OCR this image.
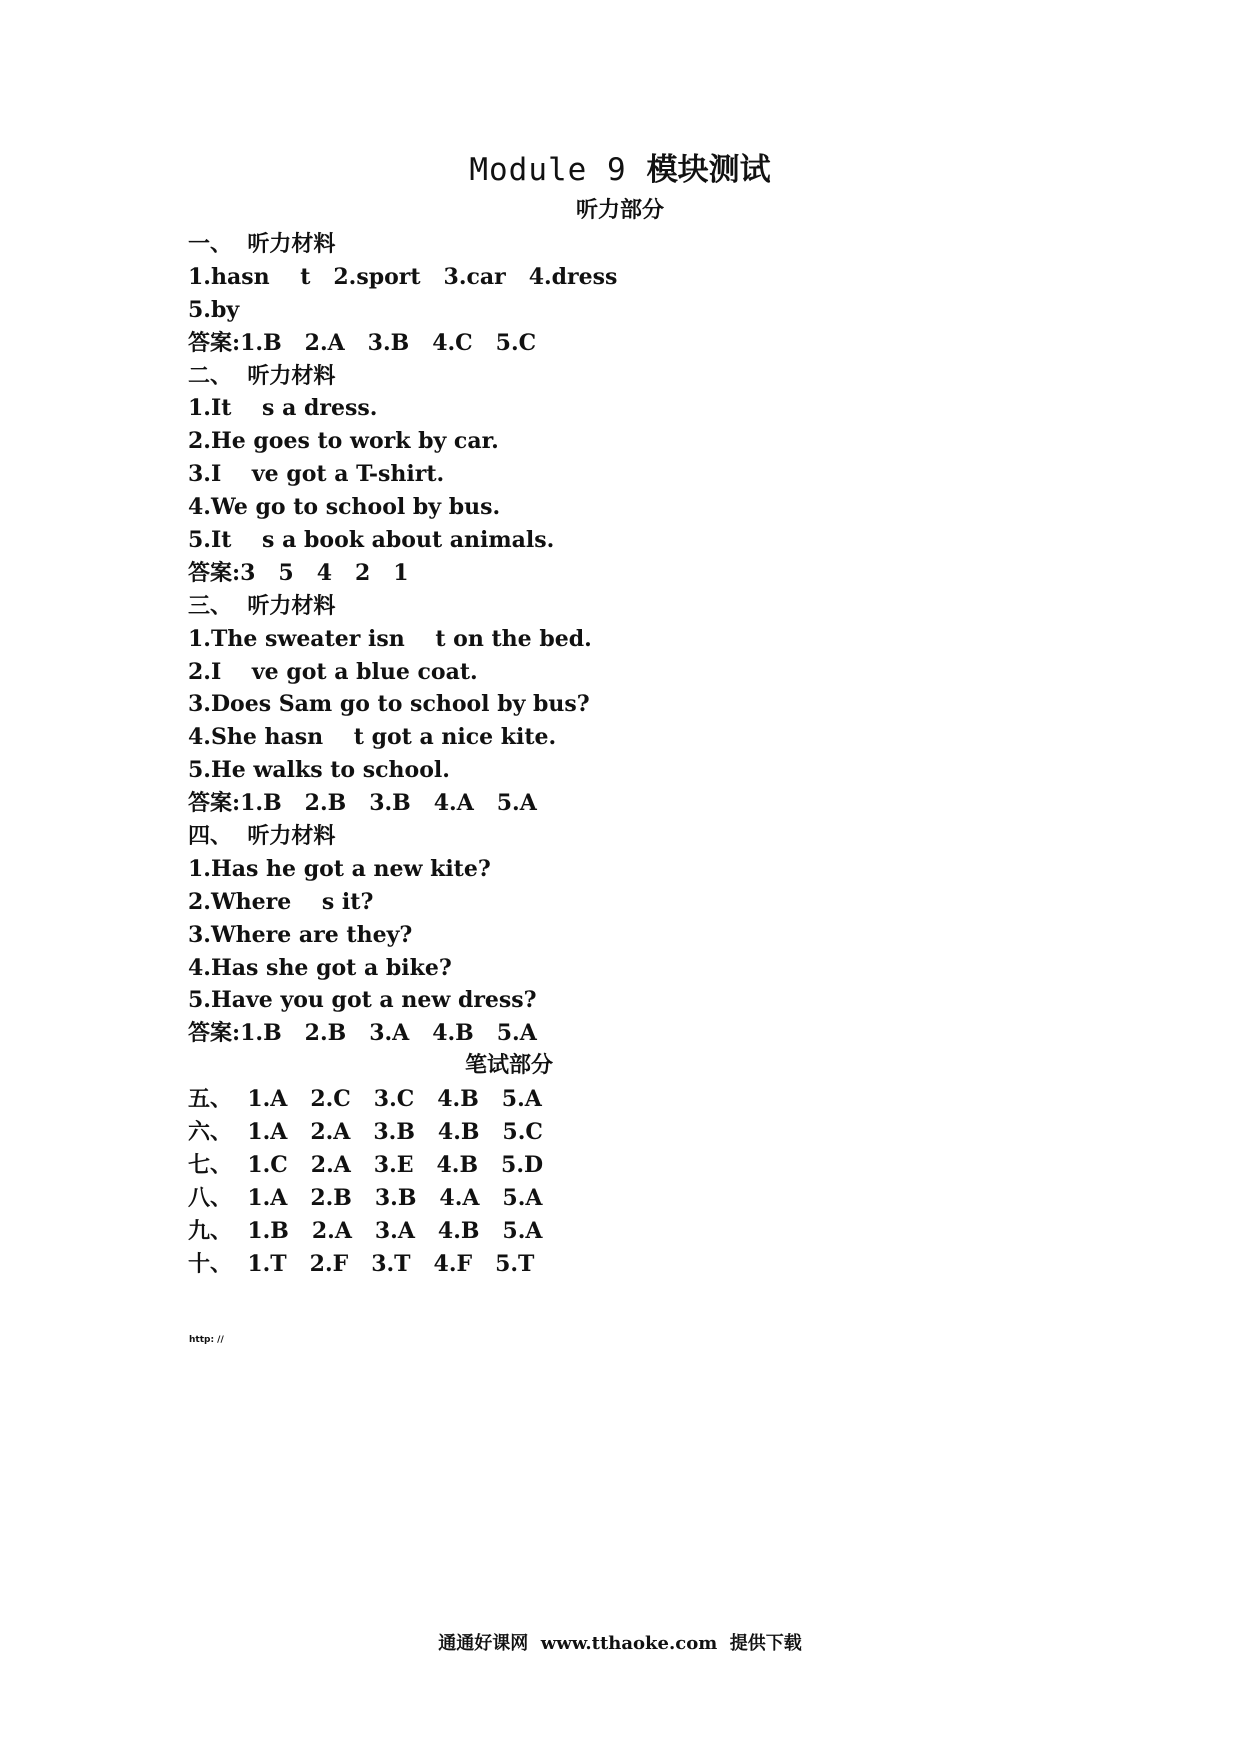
Module 9 模块测试
听力部分
一、  听力材料
1.hasn    t   2.sport   3.car   4.dress
5.by
答案:1.B   2.A   3.B   4.C   5.C
二、  听力材料
1.It    s a dress.
2.He goes to work by car.
3.I    ve got a T-shirt.
4.We go to school by bus.
5.It    s a book about animals.
答案:3   5   4   2   1
三、  听力材料
1.The sweater isn    t on the bed.
2.I    ve got a blue coat.
3.Does Sam go to school by bus?
4.She hasn    t got a nice kite.
5.He walks to school.
答案:1.B   2.B   3.B   4.A   5.A
四、  听力材料
1.Has he got a new kite?
2.Where    s it?
3.Where are they?
4.Has she got a bike?
5.Have you got a new dress?
答案:1.B   2.B   3.A   4.B   5.A
笔试部分
五、  1.A   2.C   3.C   4.B   5.A
六、  1.A   2.A   3.B   4.B   5.C
七、  1.C   2.A   3.E   4.B   5.D
八、  1.A   2.B   3.B   4.A   5.A
九、  1.B   2.A   3.A   4.B   5.A
十、  1.T   2.F   3.T   4.F   5.T
http: //
通通好课网  www.tthaoke.com  提供下载
